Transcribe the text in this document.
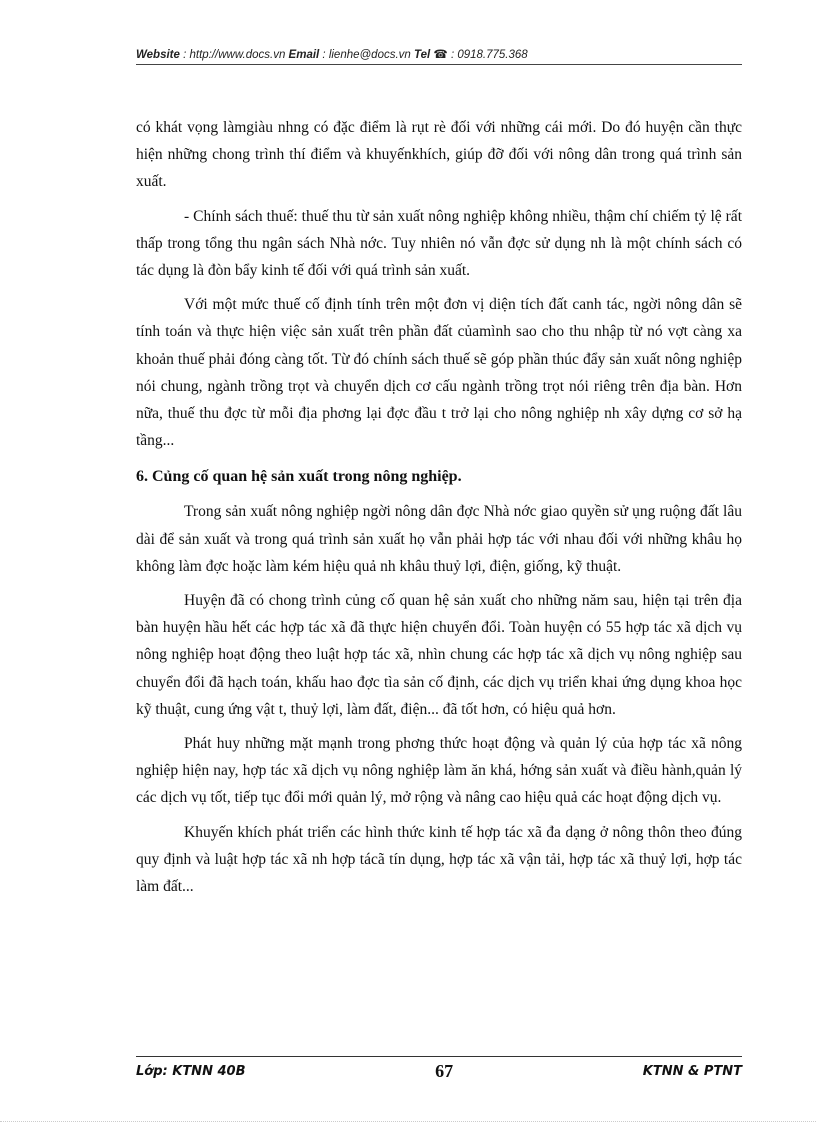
Website : http://www.docs.vn Email : lienhe@docs.vn Tel ☎ : 0918.775.368

có khát vọng làmgiàu nhng có đặc điểm là rụt rè đối với những cái mới. Do đó huyện cần thực hiện những chong trình thí điểm và khuyếnkhích, giúp đỡ đối với nông dân trong quá trình sản xuất.

- Chính sách thuế: thuế thu từ sản xuất nông nghiệp không nhiều, thậm chí chiếm tỷ lệ rất thấp trong tổng thu ngân sách Nhà nớc. Tuy nhiên nó vẫn đợc sử dụng nh là một chính sách có tác dụng là đòn bẩy kinh tế đối với quá trình sản xuất.

Với một mức thuế cố định tính trên một đơn vị diện tích đất canh tác, ngời nông dân sẽ tính toán và thực hiện việc sản xuất trên phần đất củamình sao cho thu nhập từ nó vợt càng xa khoản thuế phải đóng càng tốt. Từ đó chính sách thuế sẽ góp phần thúc đẩy sản xuất nông nghiệp nói chung, ngành trồng trọt và chuyển dịch cơ cấu ngành trồng trọt nói riêng trên địa bàn. Hơn nữa, thuế thu đợc từ mỗi địa phơng lại đợc đầu t trở lại cho nông nghiệp nh xây dựng cơ sở hạ tầng...

6. Củng cố quan hệ sản xuất trong nông nghiệp.

Trong sản xuất nông nghiệp ngời nông dân đợc Nhà nớc giao quyền sử ụng ruộng đất lâu dài để sản xuất và trong quá trình sản xuất họ vẫn phải hợp tác với nhau đối với những khâu họ không làm đợc hoặc làm kém hiệu quả nh khâu thuỷ lợi, điện, giống, kỹ thuật.

Huyện đã có chong trình củng cố quan hệ sản xuất cho những năm sau, hiện tại trên địa bàn huyện hầu hết các hợp tác xã đã thực hiện chuyển đổi. Toàn huyện có 55 hợp tác xã dịch vụ nông nghiệp hoạt động theo luật hợp tác xã, nhìn chung các hợp tác xã dịch vụ nông nghiệp sau chuyển đổi đã hạch toán, khấu hao đợc tìa sản cố định, các dịch vụ triển khai ứng dụng khoa học kỹ thuật, cung ứng vật t, thuỷ lợi, làm đất, điện... đã tốt hơn, có hiệu quả hơn.

Phát huy những mặt mạnh trong phơng thức hoạt động và quản lý của hợp tác xã nông nghiệp hiện nay, hợp tác xã dịch vụ nông nghiệp làm ăn khá, hớng sản xuất và điều hành,quản lý các dịch vụ tốt, tiếp tục đổi mới quản lý, mở rộng và nâng cao hiệu quả các hoạt động dịch vụ.

Khuyến khích phát triển các hình thức kinh tế hợp tác xã đa dạng ở nông thôn theo đúng quy định và luật hợp tác xã nh hợp tácã tín dụng, hợp tác xã vận tải, hợp tác xã thuỷ lợi, hợp tác làm đất...

Lớp: KTNN 40B	67	KTNN & PTNT
